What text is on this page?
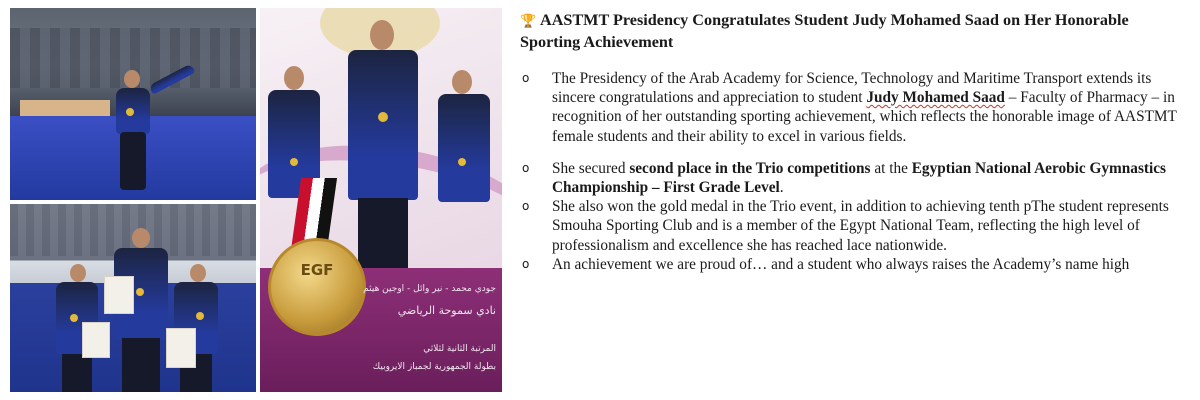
EGF
جودي محمد - نير وائل - اوجين هيثم
نادي سموحة الرياضي
المرتبة الثانية لثلاثي
بطولة الجمهورية لجمباز الايروبيك
🏆 AASTMT Presidency Congratulates Student Judy Mohamed Saad on Her Honorable Sporting Achievement
o The Presidency of the Arab Academy for Science, Technology and Maritime Transport extends its sincere congratulations and appreciation to student Judy Mohamed Saad – Faculty of Pharmacy – in recognition of her outstanding sporting achievement, which reflects the honorable image of AASTMT female students and their ability to excel in various fields.
o She secured second place in the Trio competitions at the Egyptian National Aerobic Gymnastics Championship – First Grade Level.
o She also won the gold medal in the Trio event, in addition to achieving tenth pThe student represents Smouha Sporting Club and is a member of the Egypt National Team, reflecting the high level of professionalism and excellence she has reached lace nationwide.
o An achievement we are proud of… and a student who always raises the Academy’s name high
